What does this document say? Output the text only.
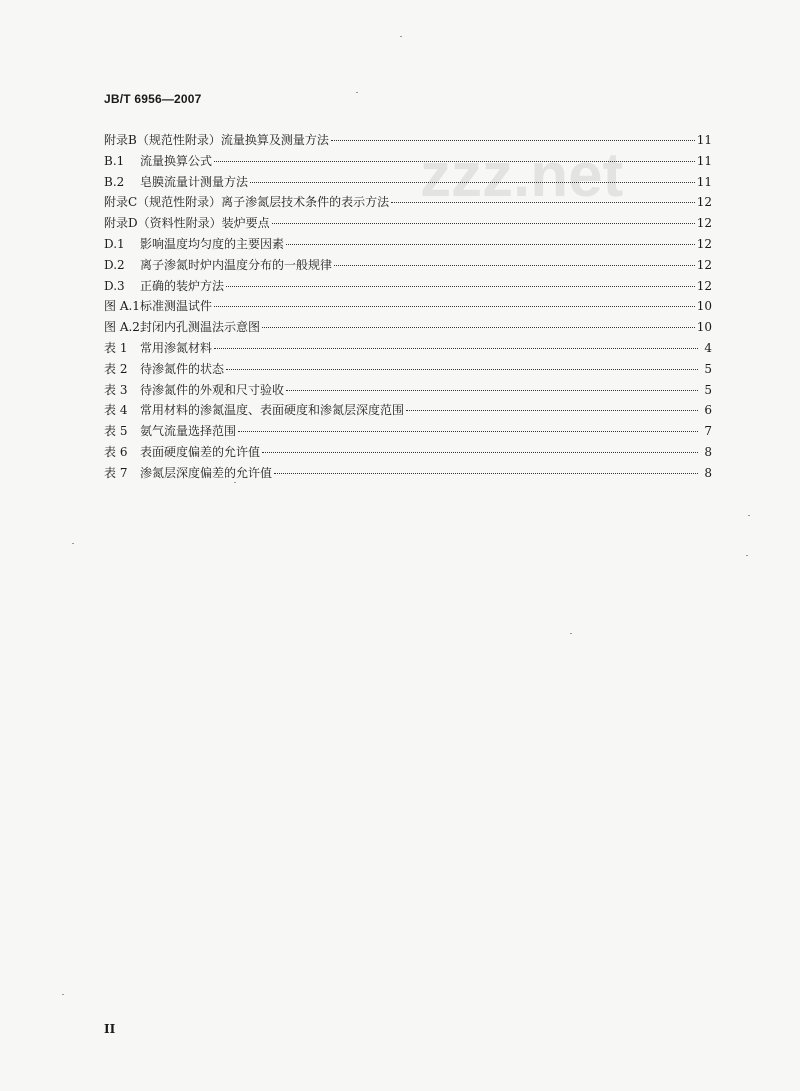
JB/T 6956—2007
zzz.net
附录B（规范性附录）流量换算及测量方法	11
B.1 流量换算公式	11
B.2 皂膜流量计测量方法	11
附录C（规范性附录）离子渗氮层技术条件的表示方法	12
附录D（资料性附录）装炉要点	12
D.1 影响温度均匀度的主要因素	12
D.2 离子渗氮时炉内温度分布的一般规律	12
D.3 正确的装炉方法	12
图 A.1标准测温试件	10
图 A.2封闭内孔测温法示意图	10
表 1 常用渗氮材料	4
表 2 待渗氮件的状态	5
表 3 待渗氮件的外观和尺寸验收	5
表 4 常用材料的渗氮温度、表面硬度和渗氮层深度范围	6
表 5 氨气流量选择范围	7
表 6 表面硬度偏差的允许值	8
表 7 渗氮层深度偏差的允许值	8
II
